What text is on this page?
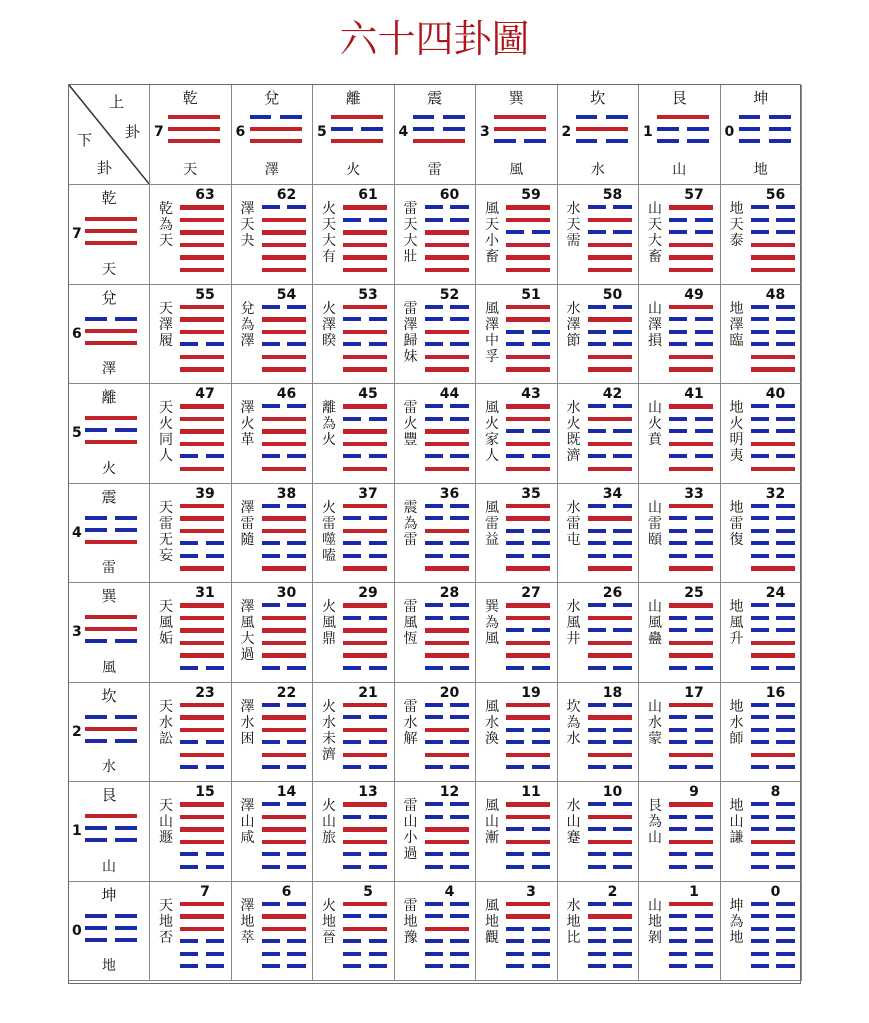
六十四卦圖
上
卦
下
卦
乾
7
天
兌
6
澤
離
5
火
震
4
雷
巽
3
風
坎
2
水
艮
1
山
坤
0
地
乾
7
天
63
乾為天
62
澤天夬
61
火天大有
60
雷天大壯
59
風天小畜
58
水天需
57
山天大畜
56
地天泰
兌
6
澤
55
天澤履
54
兌為澤
53
火澤睽
52
雷澤歸妹
51
風澤中孚
50
水澤節
49
山澤損
48
地澤臨
離
5
火
47
天火同人
46
澤火革
45
離為火
44
雷火豐
43
風火家人
42
水火既濟
41
山火賁
40
地火明夷
震
4
雷
39
天雷无妄
38
澤雷隨
37
火雷噬嗑
36
震為雷
35
風雷益
34
水雷屯
33
山雷頤
32
地雷復
巽
3
風
31
天風姤
30
澤風大過
29
火風鼎
28
雷風恆
27
巽為風
26
水風井
25
山風蠱
24
地風升
坎
2
水
23
天水訟
22
澤水困
21
火水未濟
20
雷水解
19
風水渙
18
坎為水
17
山水蒙
16
地水師
艮
1
山
15
天山遯
14
澤山咸
13
火山旅
12
雷山小過
11
風山漸
10
水山蹇
9
艮為山
8
地山謙
坤
0
地
7
天地否
6
澤地萃
5
火地晉
4
雷地豫
3
風地觀
2
水地比
1
山地剝
0
坤為地
